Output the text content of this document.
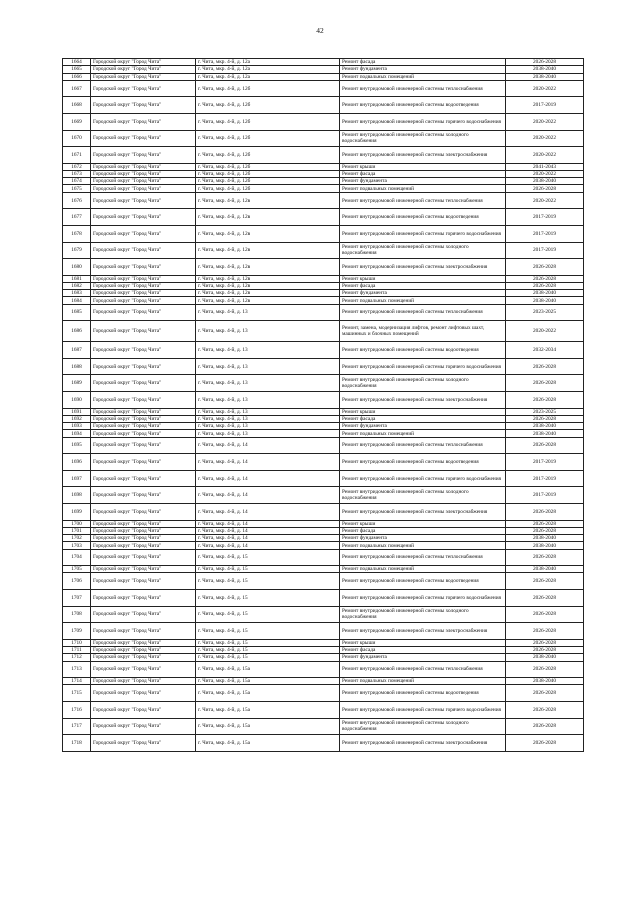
42
1664	Городской округ "Город Чита"	г. Чита, мкр. 4-й, д. 12а	Ремонт фасада	2026-2028
1665	Городской округ "Город Чита"	г. Чита, мкр. 4-й, д. 12а	Ремонт фундамента	2038-2040
1666	Городской округ "Город Чита"	г. Чита, мкр. 4-й, д. 12а	Ремонт подвальных помещений	2038-2040
1667	Городской округ "Город Чита"	г. Чита, мкр. 4-й, д. 12б	Ремонт внутридомовой инженерной системы теплоснабжения	2020-2022
1668	Городской округ "Город Чита"	г. Чита, мкр. 4-й, д. 12б	Ремонт внутридомовой инженерной системы водоотведения	2017-2019
1669	Городской округ "Город Чита"	г. Чита, мкр. 4-й, д. 12б	Ремонт внутридомовой инженерной системы горячего водоснабжения	2020-2022
1670	Городской округ "Город Чита"	г. Чита, мкр. 4-й, д. 12б	Ремонт внутридомовой инженерной системы холодного водоснабжения	2020-2022
1671	Городской округ "Город Чита"	г. Чита, мкр. 4-й, д. 12б	Ремонт внутридомовой инженерной системы электроснабжения	2020-2022
1672	Городской округ "Город Чита"	г. Чита, мкр. 4-й, д. 12б	Ремонт крыши	2041-2043
1673	Городской округ "Город Чита"	г. Чита, мкр. 4-й, д. 12б	Ремонт фасада	2020-2022
1674	Городской округ "Город Чита"	г. Чита, мкр. 4-й, д. 12б	Ремонт фундамента	2038-2040
1675	Городской округ "Город Чита"	г. Чита, мкр. 4-й, д. 12б	Ремонт подвальных помещений	2026-2028
1676	Городской округ "Город Чита"	г. Чита, мкр. 4-й, д. 12в	Ремонт внутридомовой инженерной системы теплоснабжения	2020-2022
1677	Городской округ "Город Чита"	г. Чита, мкр. 4-й, д. 12в	Ремонт внутридомовой инженерной системы водоотведения	2017-2019
1678	Городской округ "Город Чита"	г. Чита, мкр. 4-й, д. 12в	Ремонт внутридомовой инженерной системы горячего водоснабжения	2017-2019
1679	Городской округ "Город Чита"	г. Чита, мкр. 4-й, д. 12в	Ремонт внутридомовой инженерной системы холодного водоснабжения	2017-2019
1680	Городской округ "Город Чита"	г. Чита, мкр. 4-й, д. 12в	Ремонт внутридомовой инженерной системы электроснабжения	2026-2028
1681	Городской округ "Город Чита"	г. Чита, мкр. 4-й, д. 12в	Ремонт крыши	2026-2028
1682	Городской округ "Город Чита"	г. Чита, мкр. 4-й, д. 12в	Ремонт фасада	2026-2028
1683	Городской округ "Город Чита"	г. Чита, мкр. 4-й, д. 12в	Ремонт фундамента	2038-2040
1684	Городской округ "Город Чита"	г. Чита, мкр. 4-й, д. 12в	Ремонт подвальных помещений	2038-2040
1685	Городской округ "Город Чита"	г. Чита, мкр. 4-й, д. 13	Ремонт внутридомовой инженерной системы теплоснабжения	2023-2025
1686	Городской округ "Город Чита"	г. Чита, мкр. 4-й, д. 13	Ремонт, замена, модернизация лифтов, ремонт лифтовых шахт, машинных и блочных помещений	2020-2022
1687	Городской округ "Город Чита"	г. Чита, мкр. 4-й, д. 13	Ремонт внутридомовой инженерной системы водоотведения	2032-2034
1688	Городской округ "Город Чита"	г. Чита, мкр. 4-й, д. 13	Ремонт внутридомовой инженерной системы горячего водоснабжения	2026-2028
1689	Городской округ "Город Чита"	г. Чита, мкр. 4-й, д. 13	Ремонт внутридомовой инженерной системы холодного водоснабжения	2026-2028
1690	Городской округ "Город Чита"	г. Чита, мкр. 4-й, д. 13	Ремонт внутридомовой инженерной системы электроснабжения	2026-2028
1691	Городской округ "Город Чита"	г. Чита, мкр. 4-й, д. 13	Ремонт крыши	2023-2025
1692	Городской округ "Город Чита"	г. Чита, мкр. 4-й, д. 13	Ремонт фасада	2026-2028
1693	Городской округ "Город Чита"	г. Чита, мкр. 4-й, д. 13	Ремонт фундамента	2038-2040
1694	Городской округ "Город Чита"	г. Чита, мкр. 4-й, д. 13	Ремонт подвальных помещений	2038-2040
1695	Городской округ "Город Чита"	г. Чита, мкр. 4-й, д. 14	Ремонт внутридомовой инженерной системы теплоснабжения	2026-2028
1696	Городской округ "Город Чита"	г. Чита, мкр. 4-й, д. 14	Ремонт внутридомовой инженерной системы водоотведения	2017-2019
1697	Городской округ "Город Чита"	г. Чита, мкр. 4-й, д. 14	Ремонт внутридомовой инженерной системы горячего водоснабжения	2017-2019
1698	Городской округ "Город Чита"	г. Чита, мкр. 4-й, д. 14	Ремонт внутридомовой инженерной системы холодного водоснабжения	2017-2019
1699	Городской округ "Город Чита"	г. Чита, мкр. 4-й, д. 14	Ремонт внутридомовой инженерной системы электроснабжения	2026-2028
1700	Городской округ "Город Чита"	г. Чита, мкр. 4-й, д. 14	Ремонт крыши	2026-2028
1701	Городской округ "Город Чита"	г. Чита, мкр. 4-й, д. 14	Ремонт фасада	2026-2028
1702	Городской округ "Город Чита"	г. Чита, мкр. 4-й, д. 14	Ремонт фундамента	2038-2040
1703	Городской округ "Город Чита"	г. Чита, мкр. 4-й, д. 14	Ремонт подвальных помещений	2038-2040
1704	Городской округ "Город Чита"	г. Чита, мкр. 4-й, д. 15	Ремонт внутридомовой инженерной системы теплоснабжения	2026-2028
1705	Городской округ "Город Чита"	г. Чита, мкр. 4-й, д. 15	Ремонт подвальных помещений	2038-2040
1706	Городской округ "Город Чита"	г. Чита, мкр. 4-й, д. 15	Ремонт внутридомовой инженерной системы водоотведения	2026-2028
1707	Городской округ "Город Чита"	г. Чита, мкр. 4-й, д. 15	Ремонт внутридомовой инженерной системы горячего водоснабжения	2026-2028
1708	Городской округ "Город Чита"	г. Чита, мкр. 4-й, д. 15	Ремонт внутридомовой инженерной системы холодного водоснабжения	2026-2028
1709	Городской округ "Город Чита"	г. Чита, мкр. 4-й, д. 15	Ремонт внутридомовой инженерной системы электроснабжения	2026-2028
1710	Городской округ "Город Чита"	г. Чита, мкр. 4-й, д. 15	Ремонт крыши	2026-2028
1711	Городской округ "Город Чита"	г. Чита, мкр. 4-й, д. 15	Ремонт фасада	2026-2028
1712	Городской округ "Город Чита"	г. Чита, мкр. 4-й, д. 15	Ремонт фундамента	2038-2040
1713	Городской округ "Город Чита"	г. Чита, мкр. 4-й, д. 15а	Ремонт внутридомовой инженерной системы теплоснабжения	2026-2028
1714	Городской округ "Город Чита"	г. Чита, мкр. 4-й, д. 15а	Ремонт подвальных помещений	2038-2040
1715	Городской округ "Город Чита"	г. Чита, мкр. 4-й, д. 15а	Ремонт внутридомовой инженерной системы водоотведения	2026-2028
1716	Городской округ "Город Чита"	г. Чита, мкр. 4-й, д. 15а	Ремонт внутридомовой инженерной системы горячего водоснабжения	2026-2028
1717	Городской округ "Город Чита"	г. Чита, мкр. 4-й, д. 15а	Ремонт внутридомовой инженерной системы холодного водоснабжения	2026-2028
1718	Городской округ "Город Чита"	г. Чита, мкр. 4-й, д. 15а	Ремонт внутридомовой инженерной системы электроснабжения	2026-2028
